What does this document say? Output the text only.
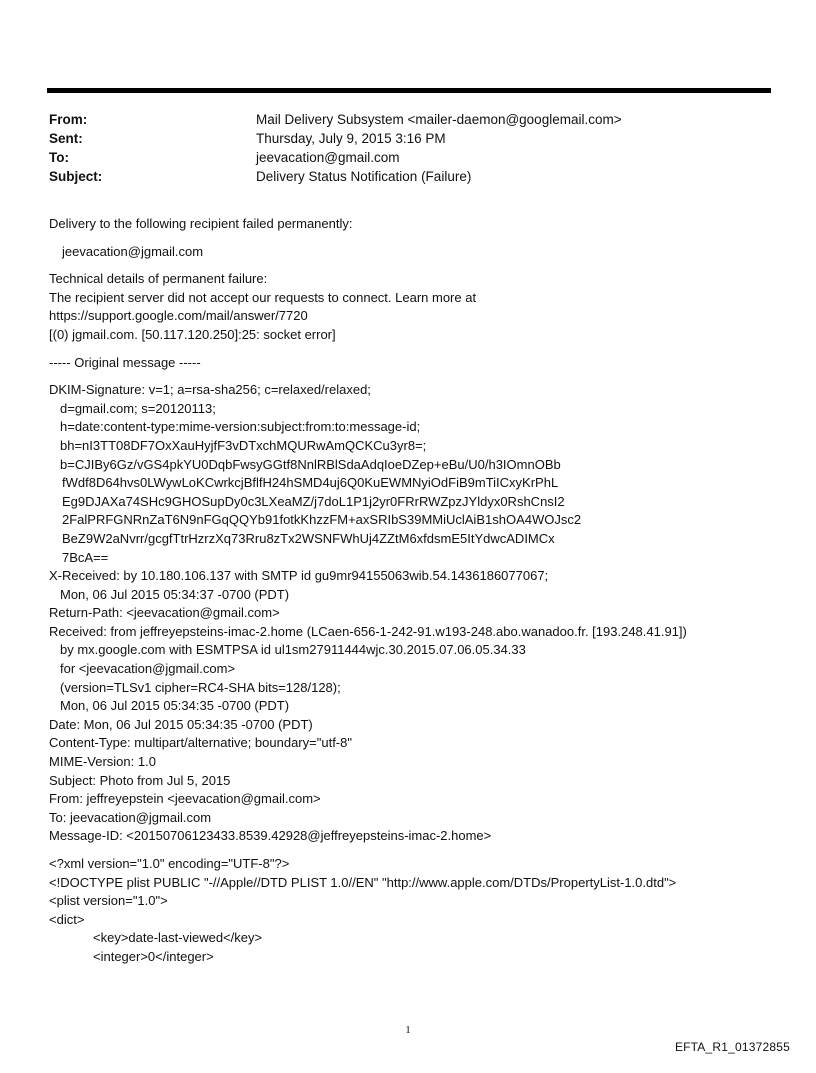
From:	Mail Delivery Subsystem <mailer-daemon@googlemail.com>
Sent:	Thursday, July 9, 2015 3:16 PM
To:	jeevacation@gmail.com
Subject:	Delivery Status Notification (Failure)
Delivery to the following recipient failed permanently:
jeevacation@jgmail.com
Technical details of permanent failure:
The recipient server did not accept our requests to connect. Learn more at
https://support.google.com/mail/answer/7720
[(0) jgmail.com. [50.117.120.250]:25: socket error]
----- Original message -----
DKIM-Signature: v=1; a=rsa-sha256; c=relaxed/relaxed;
d=gmail.com; s=20120113;
h=date:content-type:mime-version:subject:from:to:message-id;
bh=nI3TT08DF7OxXauHyjfF3vDTxchMQURwAmQCKCu3yr8=;
b=CJIBy6Gz/vGS4pkYU0DqbFwsyGGtf8NnlRBlSdaAdqIoeDZep+eBu/U0/h3IOmnOBb
fWdf8D64hvs0LWywLoKCwrkcjBflfH24hSMD4uj6Q0KuEWMNyiOdFiB9mTiICxyKrPhL
Eg9DJAXa74SHc9GHOSupDy0c3LXeaMZ/j7doL1P1j2yr0FRrRWZpzJYldyx0RshCnsI2
2FalPRFGNRnZaT6N9nFGqQQYb91fotkKhzzFM+axSRIbS39MMiUclAiB1shOA4WOJsc2
BeZ9W2aNvrr/gcgfTtrHzrzXq73Rru8zTx2WSNFWhUj4ZZtM6xfdsmE5ItYdwcADIMCx
7BcA==
X-Received: by 10.180.106.137 with SMTP id gu9mr94155063wib.54.1436186077067;
Mon, 06 Jul 2015 05:34:37 -0700 (PDT)
Return-Path: <jeevacation@gmail.com>
Received: from jeffreyepsteins-imac-2.home (LCaen-656-1-242-91.w193-248.abo.wanadoo.fr. [193.248.41.91])
by mx.google.com with ESMTPSA id ul1sm27911444wjc.30.2015.07.06.05.34.33
for <jeevacation@jgmail.com>
(version=TLSv1 cipher=RC4-SHA bits=128/128);
Mon, 06 Jul 2015 05:34:35 -0700 (PDT)
Date: Mon, 06 Jul 2015 05:34:35 -0700 (PDT)
Content-Type: multipart/alternative; boundary="utf-8"
MIME-Version: 1.0
Subject: Photo from Jul 5, 2015
From: jeffreyepstein <jeevacation@gmail.com>
To: jeevacation@jgmail.com
Message-ID: <20150706123433.8539.42928@jeffreyepsteins-imac-2.home>
<?xml version="1.0" encoding="UTF-8"?>
<!DOCTYPE plist PUBLIC "-//Apple//DTD PLIST 1.0//EN" "http://www.apple.com/DTDs/PropertyList-1.0.dtd">
<plist version="1.0">
<dict>
<key>date-last-viewed</key>
<integer>0</integer>
1
EFTA_R1_01372855
